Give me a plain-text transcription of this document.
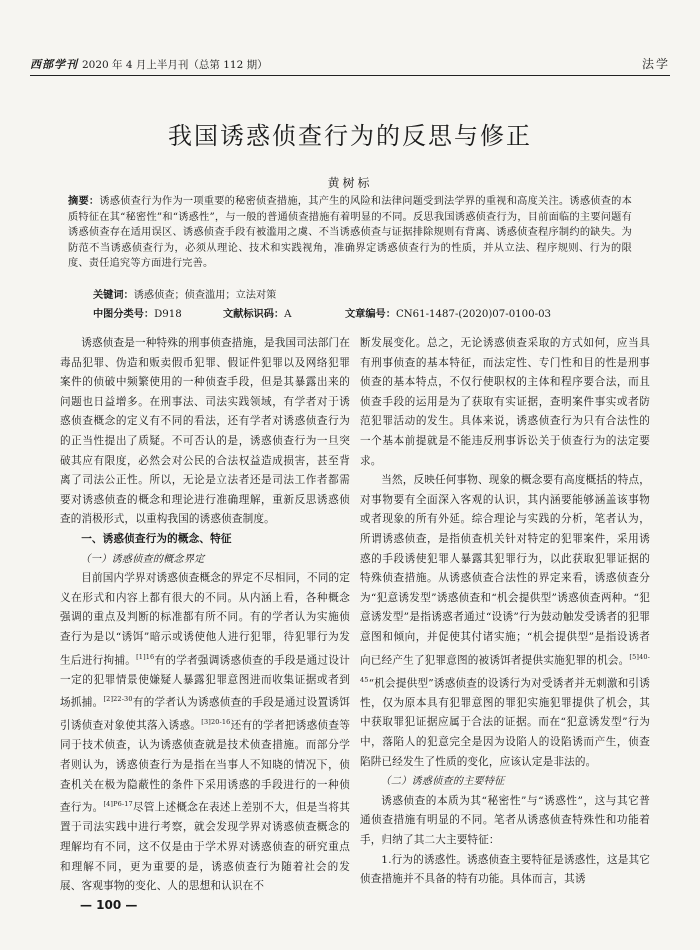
西部学刊 2020 年 4 月上半月刊（总第 112 期）	法学
我国诱惑侦查行为的反思与修正
黄树标
摘要：诱惑侦查行为作为一项重要的秘密侦查措施，其产生的风险和法律问题受到法学界的重视和高度关注。诱惑侦查的本质特征在其“秘密性”和“诱惑性”，与一般的普通侦查措施有着明显的不同。反思我国诱惑侦查行为，目前面临的主要问题有诱惑侦查存在适用误区、诱惑侦查手段有被滥用之虞、不当诱惑侦查与证据排除规则有背离、诱惑侦查程序制约的缺失。为防范不当诱惑侦查行为，必须从理论、技术和实践视角，准确界定诱惑侦查行为的性质，并从立法、程序规则、行为的限度、责任追究等方面进行完善。
关键词：诱惑侦查；侦查滥用；立法对策
中图分类号：D918	文献标识码：A	文章编号：CN61-1487-(2020)07-0100-03

诱惑侦查是一种特殊的刑事侦查措施，是我国司法部门在毒品犯罪、伪造和贩卖假币犯罪、假证件犯罪以及网络犯罪案件的侦破中频繁使用的一种侦查手段，但是其暴露出来的问题也日益增多。在刑事法、司法实践领域，有学者对于诱惑侦查概念的定义有不同的看法，还有学者对诱惑侦查行为的正当性提出了质疑。不可否认的是，诱惑侦查行为一旦突破其应有限度，必然会对公民的合法权益造成损害，甚至背离了司法公正性。所以，无论是立法者还是司法工作者都需要对诱惑侦查的概念和理论进行准确理解，重新反思诱惑侦查的消极形式，以重构我国的诱惑侦查制度。

一、诱惑侦查行为的概念、特征

（一）诱惑侦查的概念界定

目前国内学界对诱惑侦查概念的界定不尽相同，不同的定义在形式和内容上都有很大的不同。从内涵上看，各种概念强调的重点及判断的标准都有所不同。有的学者认为实施侦查行为是以“诱饵”暗示或诱使他人进行犯罪，待犯罪行为发生后进行拘捕。$^{[1]16}$有的学者强调诱惑侦查的手段是通过设计一定的犯罪情景使嫌疑人暴露犯罪意图进而收集证据或者到场抓捕。$^{[2]22-30}$有的学者认为诱惑侦查的手段是通过设置诱饵引诱侦查对象使其落入诱惑。$^{[3]20-16}$还有的学者把诱惑侦查等同于技术侦查，认为诱惑侦查就是技术侦查措施。而部分学者则认为，诱惑侦查行为是指在当事人不知晓的情况下，侦查机关在极为隐蔽性的条件下采用诱惑的手段进行的一种侦查行为。$^{[4]P6-17}$尽管上述概念在表述上差别不大，但是当将其置于司法实践中进行考察，就会发现学界对诱惑侦查概念的理解均有不同，这不仅是由于学术界对诱惑侦查的研究重点和理解不同，更为重要的是，诱惑侦查行为随着社会的发展、客观事物的变化、人的思想和认识在不

断发展变化。总之，无论诱惑侦查采取的方式如何，应当具有刑事侦查的基本特征，而法定性、专门性和目的性是刑事侦查的基本特点，不仅行使职权的主体和程序要合法，而且侦查手段的运用是为了获取有实证据，查明案件事实或者防范犯罪活动的发生。具体来说，诱惑侦查行为只有合法性的一个基本前提就是不能违反刑事诉讼关于侦查行为的法定要求。

当然，反映任何事物、现象的概念要有高度概括的特点，对事物要有全面深入客观的认识，其内涵要能够涵盖该事物或者现象的所有外延。综合理论与实践的分析，笔者认为，所谓诱惑侦查，是指侦查机关针对特定的犯罪案件，采用诱惑的手段诱使犯罪人暴露其犯罪行为，以此获取犯罪证据的特殊侦查措施。从诱惑侦查合法性的界定来看，诱惑侦查分为“犯意诱发型”诱惑侦查和“机会提供型”诱惑侦查两种。“犯意诱发型”是指诱惑者通过“设诱”行为鼓动触发受诱者的犯罪意图和倾向，并促使其付诸实施；“机会提供型”是指设诱者向已经产生了犯罪意图的被诱饵者提供实施犯罪的机会。$^{[5]40-45}$“机会提供型”诱惑侦查的设诱行为对受诱者并无刺激和引诱性，仅为原本具有犯罪意图的罪犯实施犯罪提供了机会，其中获取罪犯证据应属于合法的证据。而在“犯意诱发型”行为中，落陷人的犯意完全是因为设陷人的设陷诱而产生，侦查陷阱已经发生了性质的变化，应该认定是非法的。

（二）诱惑侦查的主要特征

诱惑侦查的本质为其“秘密性”与“诱惑性”，这与其它普通侦查措施有明显的不同。笔者从诱惑侦查特殊性和功能着手，归纳了其二大主要特征：

1.行为的诱惑性。诱惑侦查主要特征是诱惑性，这是其它侦查措施并不具备的特有功能。具体而言，其诱

— 100 —
